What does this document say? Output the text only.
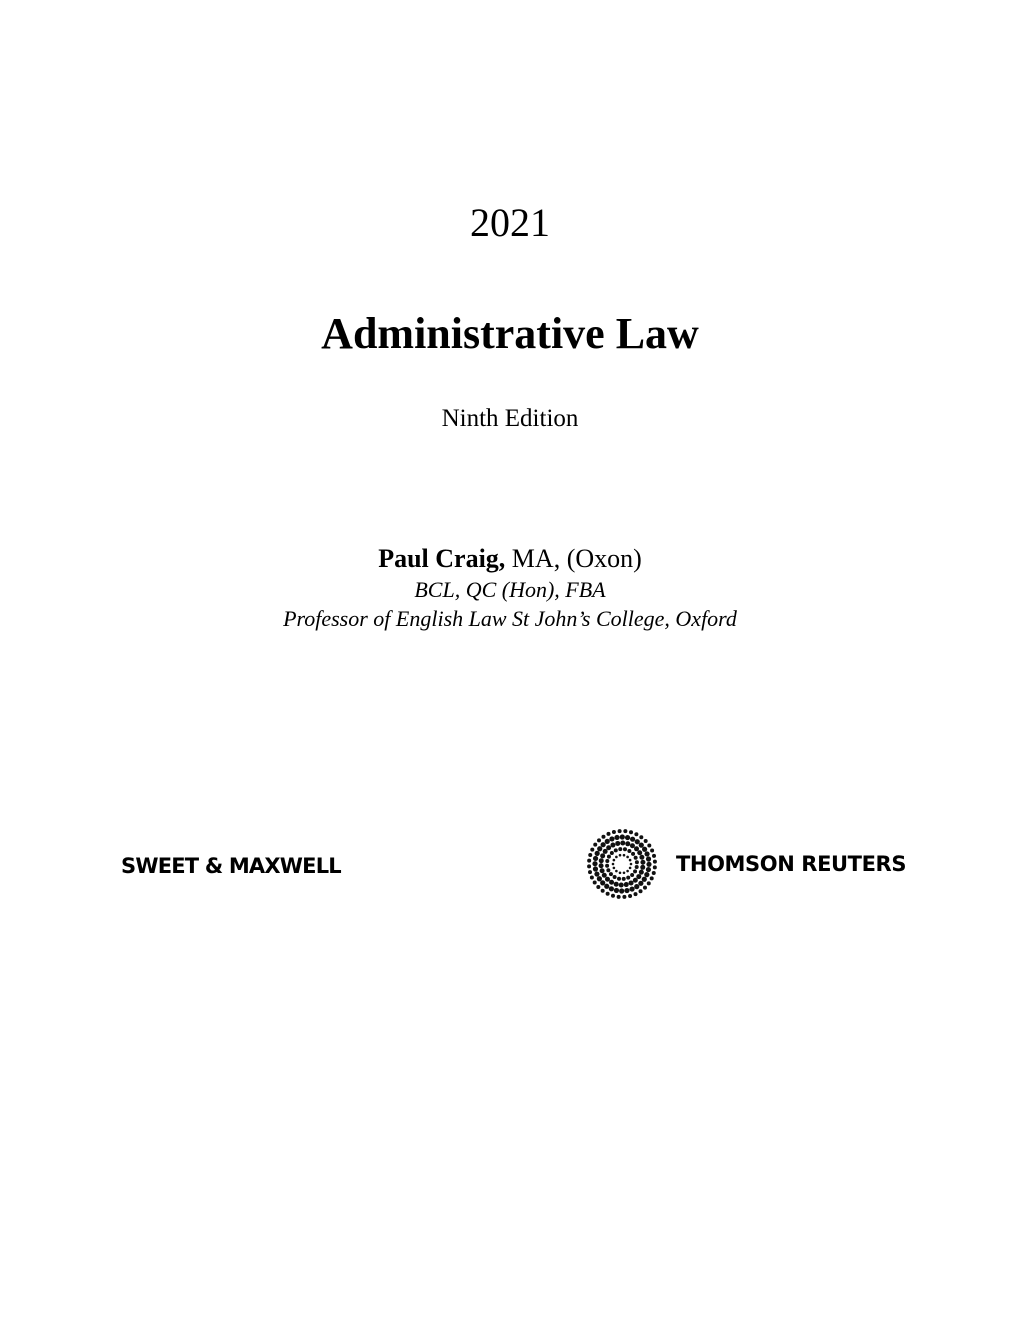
2021
Administrative Law
Ninth Edition
Paul Craig, MA, (Oxon)
BCL, QC (Hon), FBA
Professor of English Law St John’s College, Oxford
SWEET & MAXWELL	THOMSON REUTERS
